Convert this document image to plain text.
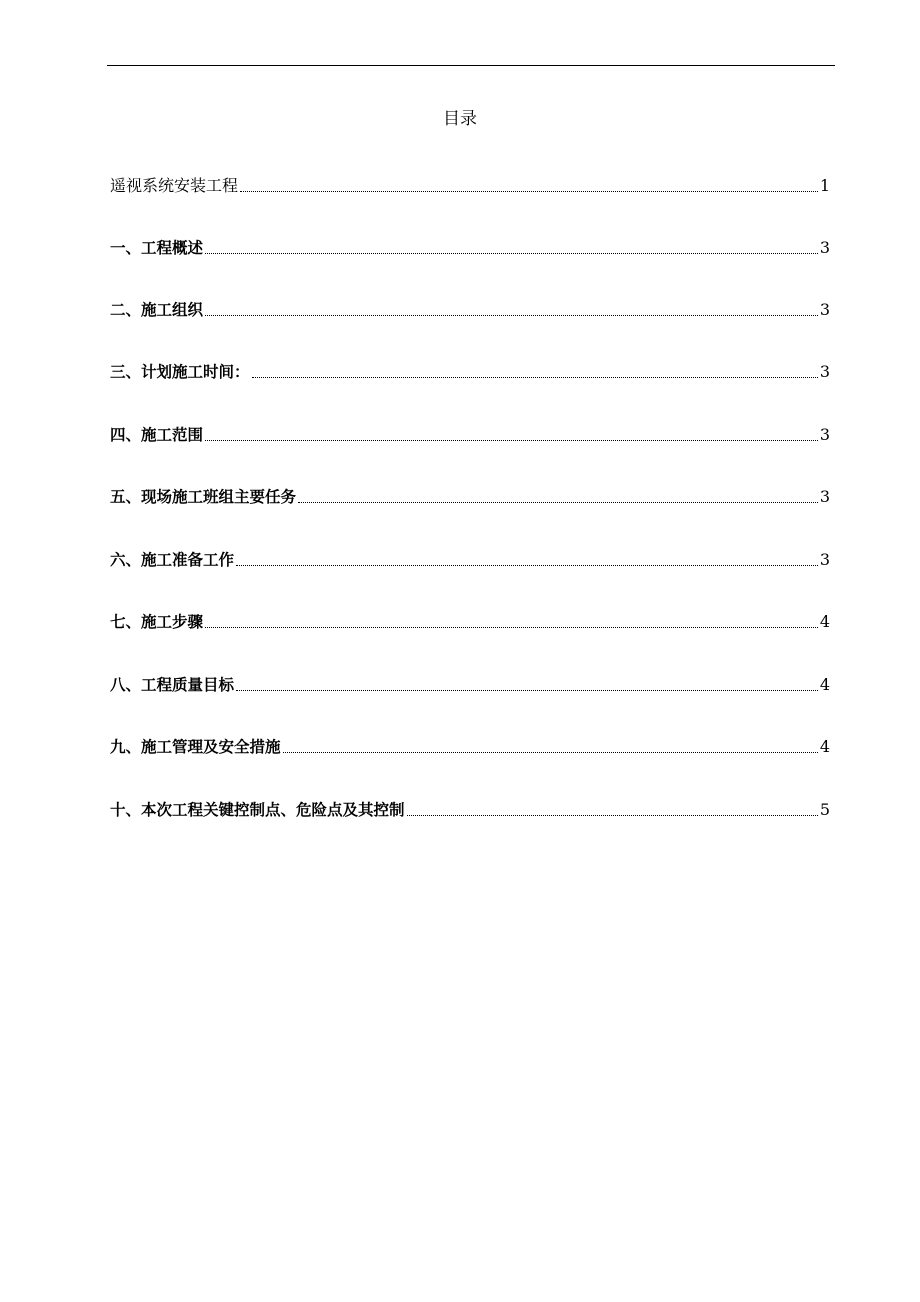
目录
遥视系统安装工程	1
一、工程概述	3
二、施工组织	3
三、计划施工时间：	3
四、施工范围	3
五、现场施工班组主要任务	3
六、施工准备工作	3
七、施工步骤	4
八、工程质量目标	4
九、施工管理及安全措施	4
十、本次工程关键控制点、危险点及其控制	5
